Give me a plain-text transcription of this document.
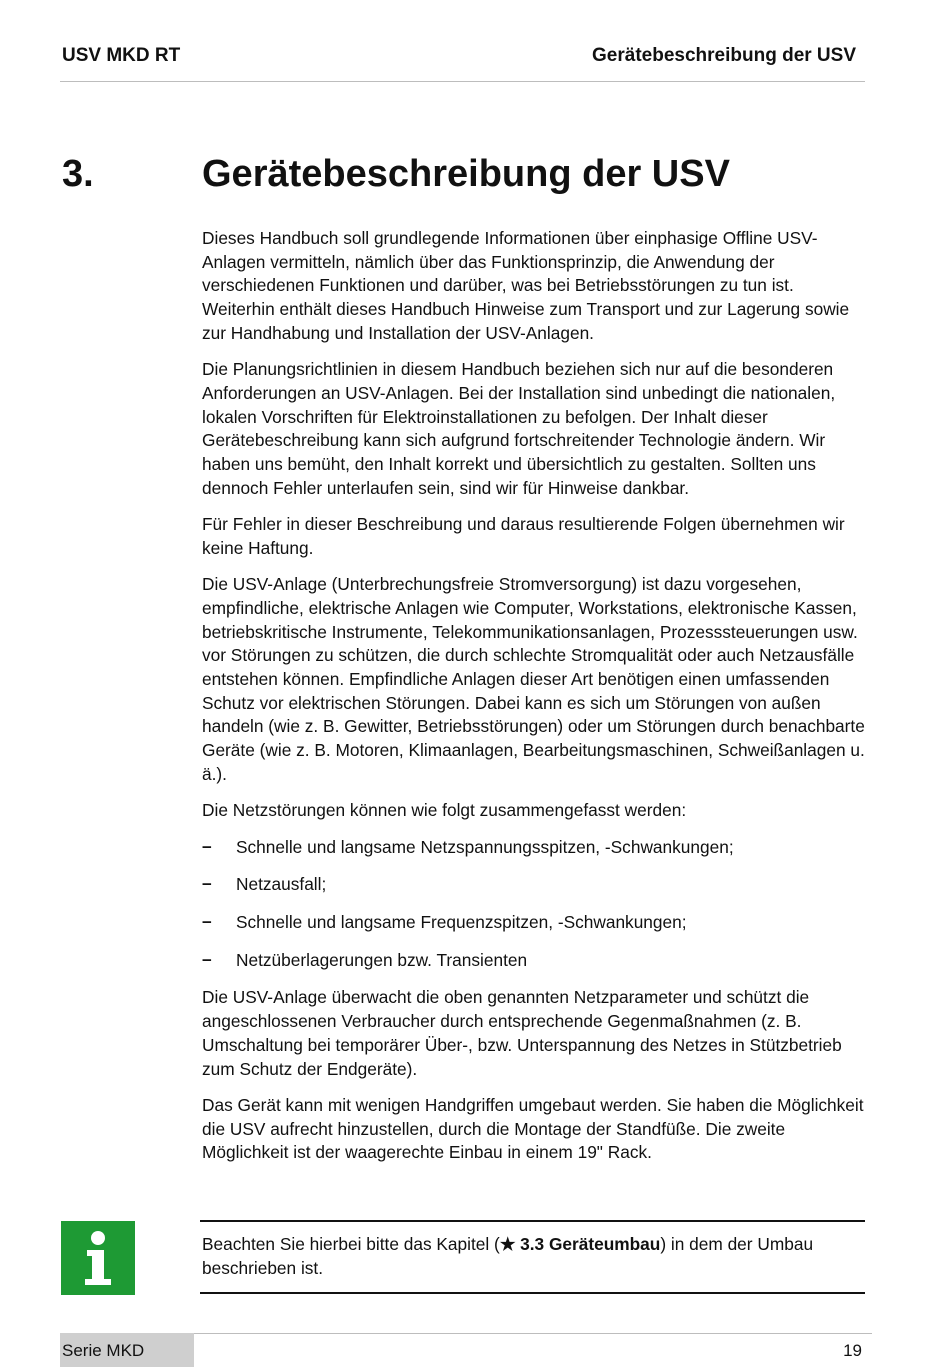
USV MKD RT	Gerätebeschreibung der USV
3.	Gerätebeschreibung der USV

Dieses Handbuch soll grundlegende Informationen über einphasige Offline USV-Anlagen vermitteln, nämlich über das Funktionsprinzip, die Anwendung der verschiedenen Funktionen und darüber, was bei Betriebsstörungen zu tun ist. Weiterhin enthält dieses Handbuch Hinweise zum Transport und zur Lagerung sowie zur Handhabung und Installation der USV-Anlagen.

Die Planungsrichtlinien in diesem Handbuch beziehen sich nur auf die besonderen Anforderungen an USV-Anlagen. Bei der Installation sind unbedingt die nationalen, lokalen Vorschriften für Elektroinstallationen zu befolgen. Der Inhalt dieser Gerätebeschreibung kann sich aufgrund fortschreitender Technologie ändern. Wir haben uns bemüht, den Inhalt korrekt und übersichtlich zu gestalten. Sollten uns dennoch Fehler unterlaufen sein, sind wir für Hinweise dankbar.

Für Fehler in dieser Beschreibung und daraus resultierende Folgen übernehmen wir keine Haftung.

Die USV-Anlage (Unterbrechungsfreie Stromversorgung) ist dazu vorgesehen, empfindliche, elektrische Anlagen wie Computer, Workstations, elektronische Kassen, betriebskritische Instrumente, Telekommunikationsanlagen, Prozesssteuerungen usw. vor Störungen zu schützen, die durch schlechte Stromqualität oder auch Netzausfälle entstehen können. Empfindliche Anlagen dieser Art benötigen einen umfassenden Schutz vor elektrischen Störungen. Dabei kann es sich um Störungen von außen handeln (wie z. B. Gewitter, Betriebsstörungen) oder um Störungen durch benachbarte Geräte (wie z. B. Motoren, Klimaanlagen, Bearbeitungsmaschinen, Schweißanlagen u. ä.).

Die Netzstörungen können wie folgt zusammengefasst werden:

– Schnelle und langsame Netzspannungsspitzen, -Schwankungen;
– Netzausfall;
– Schnelle und langsame Frequenzspitzen, -Schwankungen;
– Netzüberlagerungen bzw. Transienten

Die USV-Anlage überwacht die oben genannten Netzparameter und schützt die angeschlossenen Verbraucher durch entsprechende Gegenmaßnahmen (z. B. Umschaltung bei temporärer Über-, bzw. Unterspannung des Netzes in Stützbetrieb zum Schutz der Endgeräte).

Das Gerät kann mit wenigen Handgriffen umgebaut werden. Sie haben die Möglichkeit die USV aufrecht hinzustellen, durch die Montage der Standfüße. Die zweite Möglichkeit ist der waagerechte Einbau in einem 19" Rack.

Beachten Sie hierbei bitte das Kapitel (★ 3.3 Geräteumbau) in dem der Umbau beschrieben ist.
Serie MKD	19
